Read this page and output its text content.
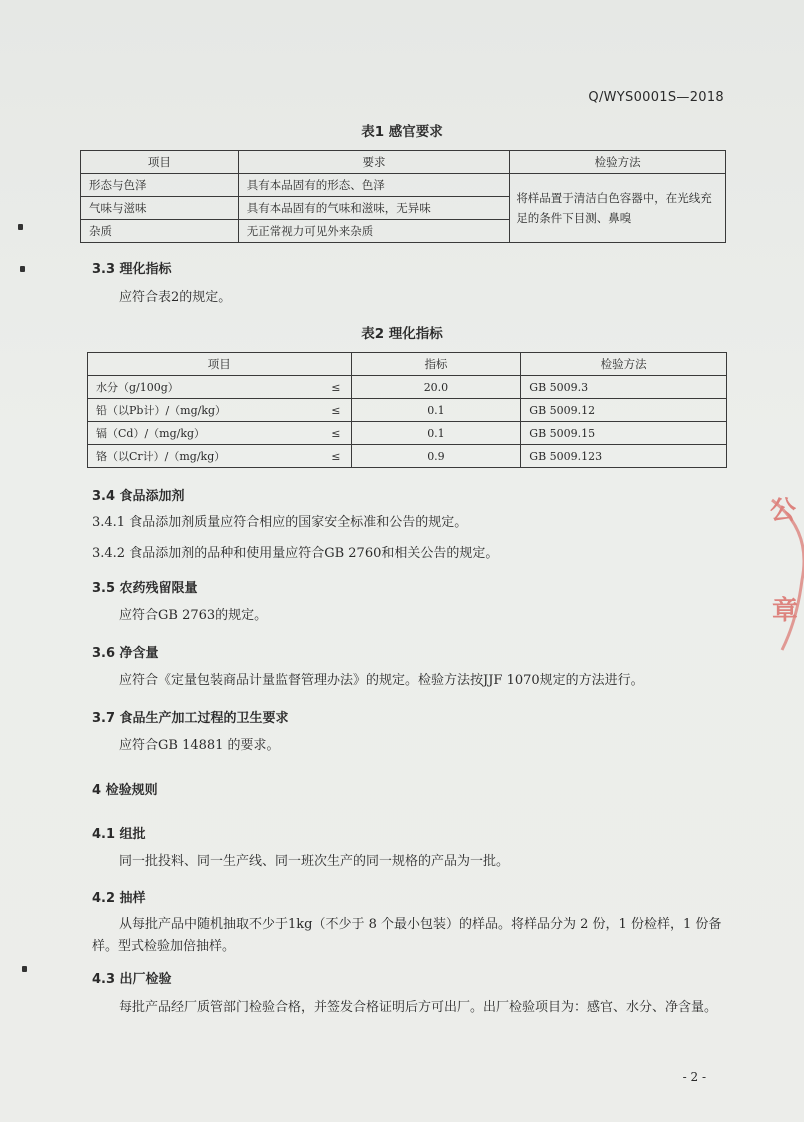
Q/WYS0001S—2018
表1 感官要求
项目	要求	检验方法
形态与色泽	具有本品固有的形态、色泽	将样品置于清洁白色容器中，在光线充足的条件下目测、鼻嗅
气味与滋味	具有本品固有的气味和滋味，无异味	
杂质	无正常视力可见外来杂质	
3.3 理化指标
应符合表2的规定。
表2 理化指标
项目		指标	检验方法
水分（g/100g）	≤	20.0	GB 5009.3
铅（以Pb计）/（mg/kg）	≤	0.1	GB 5009.12
镉（Cd）/（mg/kg）	≤	0.1	GB 5009.15
铬（以Cr计）/（mg/kg）	≤	0.9	GB 5009.123
3.4 食品添加剂
3.4.1 食品添加剂质量应符合相应的国家安全标准和公告的规定。
3.4.2 食品添加剂的品种和使用量应符合GB 2760和相关公告的规定。
3.5 农药残留限量
应符合GB 2763的规定。
3.6 净含量
应符合《定量包装商品计量监督管理办法》的规定。检验方法按JJF 1070规定的方法进行。
3.7 食品生产加工过程的卫生要求
应符合GB 14881 的要求。
4 检验规则
4.1 组批
同一批投料、同一生产线、同一班次生产的同一规格的产品为一批。
4.2 抽样
从每批产品中随机抽取不少于1kg（不少于 8 个最小包装）的样品。将样品分为 2 份，1 份检样，1 份备样。型式检验加倍抽样。
4.3 出厂检验
每批产品经厂质管部门检验合格，并签发合格证明后方可出厂。出厂检验项目为：感官、水分、净含量。
- 2 -
公
章
